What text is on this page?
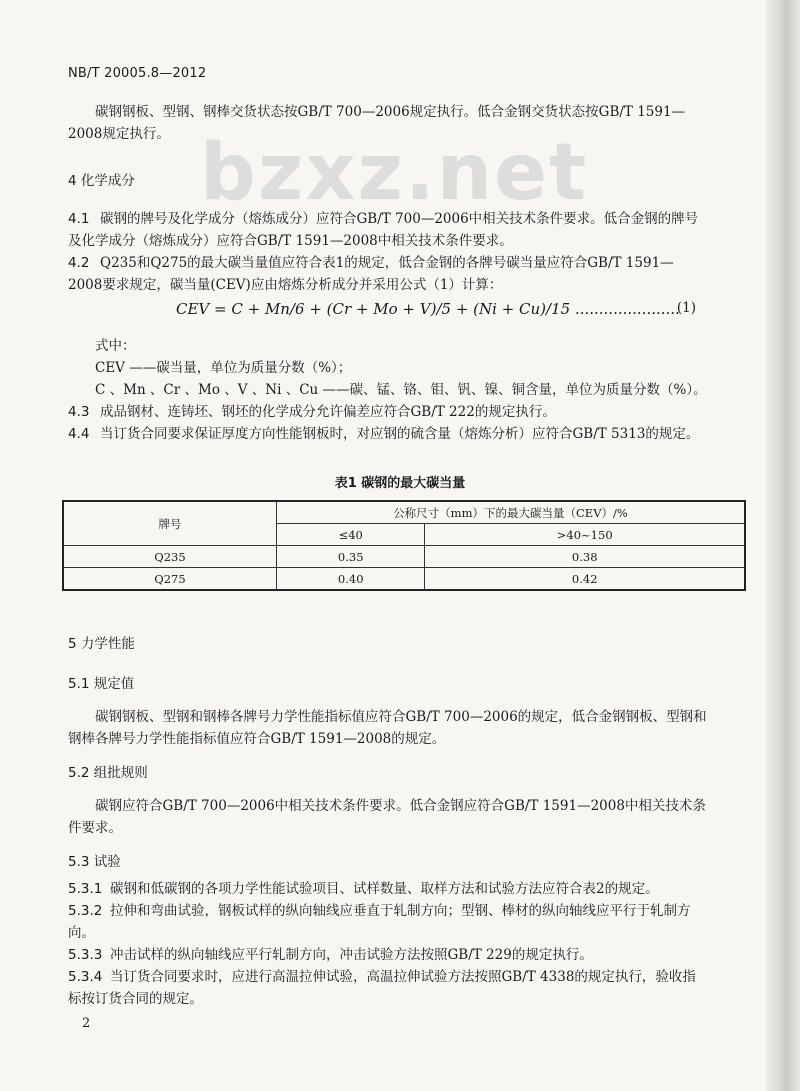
NB/T 20005.8—2012
bzxz.net
碳钢钢板、型钢、钢棒交货状态按GB/T 700—2006规定执行。低合金钢交货状态按GB/T 1591—2008规定执行。
4 化学成分
4.1 碳钢的牌号及化学成分（熔炼成分）应符合GB/T 700—2006中相关技术条件要求。低合金钢的牌号及化学成分（熔炼成分）应符合GB/T 1591—2008中相关技术条件要求。
4.2 Q235和Q275的最大碳当量值应符合表1的规定，低合金钢的各牌号碳当量应符合GB/T 1591—2008要求规定，碳当量(CEV)应由熔炼分析成分并采用公式（1）计算：
CEV = C + Mn/6 + (Cr + Mo + V)/5 + (Ni + Cu)/15 ......................
(1)
式中：
CEV ——碳当量，单位为质量分数（%）；
C 、Mn 、Cr 、Mo 、V 、Ni 、Cu ——碳、锰、铬、钼、钒、镍、铜含量，单位为质量分数（%）。
4.3 成品钢材、连铸坯、钢坯的化学成分允许偏差应符合GB/T 222的规定执行。
4.4 当订货合同要求保证厚度方向性能钢板时，对应钢的硫含量（熔炼分析）应符合GB/T 5313的规定。
表1 碳钢的最大碳当量
牌号	公称尺寸（mm）下的最大碳当量（CEV）/%	
	≤40	>40~150
Q235	0.35	0.38
Q275	0.40	0.42
5 力学性能
5.1 规定值
碳钢钢板、型钢和钢棒各牌号力学性能指标值应符合GB/T 700—2006的规定，低合金钢钢板、型钢和钢棒各牌号力学性能指标值应符合GB/T 1591—2008的规定。
5.2 组批规则
碳钢应符合GB/T 700—2006中相关技术条件要求。低合金钢应符合GB/T 1591—2008中相关技术条件要求。
5.3 试验
5.3.1 碳钢和低碳钢的各项力学性能试验项目、试样数量、取样方法和试验方法应符合表2的规定。
5.3.2 拉伸和弯曲试验，钢板试样的纵向轴线应垂直于轧制方向；型钢、棒材的纵向轴线应平行于轧制方向。
5.3.3 冲击试样的纵向轴线应平行轧制方向，冲击试验方法按照GB/T 229的规定执行。
5.3.4 当订货合同要求时，应进行高温拉伸试验，高温拉伸试验方法按照GB/T 4338的规定执行，验收指标按订货合同的规定。
2
